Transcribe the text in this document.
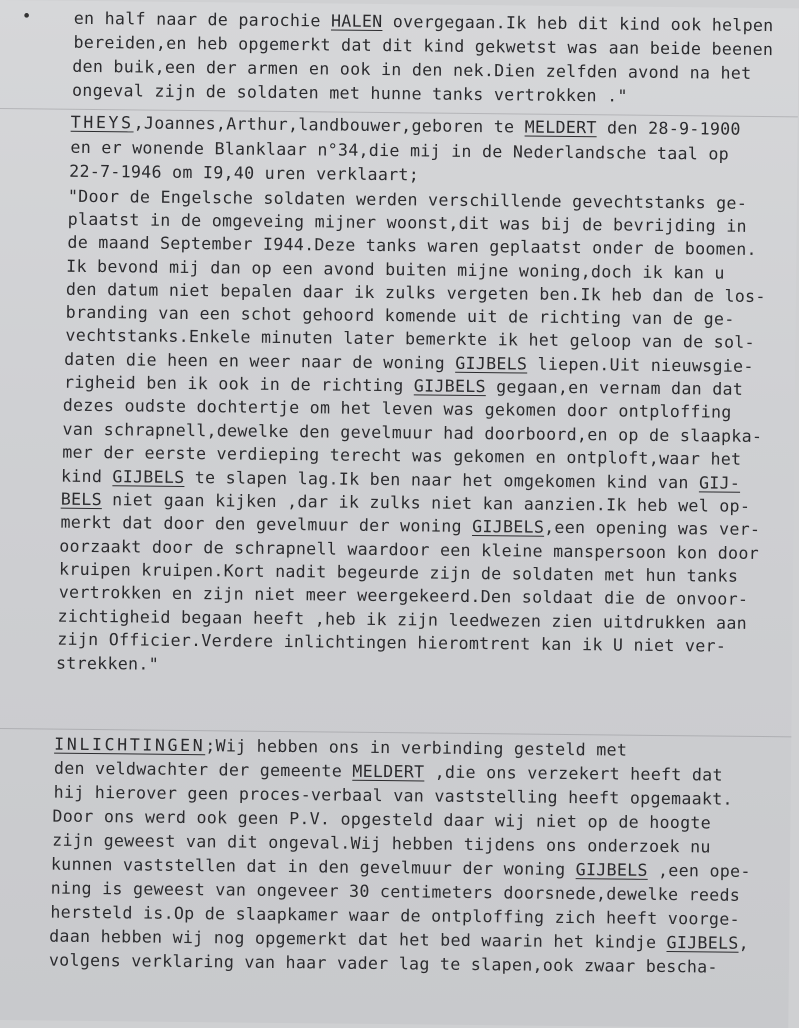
•	en half naar de parochie HALEN overgegaan.Ik heb dit kind ook helpen
bereiden,en heb opgemerkt dat dit kind gekwetst was aan beide beenen
den buik,een der armen en ook in den nek.Dien zelfden avond na het
ongeval zijn de soldaten met hunne tanks vertrokken ."
THEYS,Joannes,Arthur,landbouwer,geboren te MELDERT den 28-9-1900
en er wonende Blanklaar n°34,die mij in de Nederlandsche taal op
22-7-1946 om I9,40 uren verklaart;
"Door de Engelsche soldaten werden verschillende gevechtstanks ge-
plaatst in de omgeveing mijner woonst,dit was bij de bevrijding in
de maand September I944.Deze tanks waren geplaatst onder de boomen.
Ik bevond mij dan op een avond buiten mijne woning,doch ik kan u
den datum niet bepalen daar ik zulks vergeten ben.Ik heb dan de los-
branding van een schot gehoord komende uit de richting van de ge-
vechtstanks.Enkele minuten later bemerkte ik het geloop van de sol-
daten die heen en weer naar de woning GIJBELS liepen.Uit nieuwsgie-
righeid ben ik ook in de richting GIJBELS gegaan,en vernam dan dat
dezes oudste dochtertje om het leven was gekomen door ontploffing
van schrapnell,dewelke den gevelmuur had doorboord,en op de slaapka-
mer der eerste verdieping terecht was gekomen en ontploft,waar het
kind GIJBELS te slapen lag.Ik ben naar het omgekomen kind van GIJ-
BELS niet gaan kijken ,dar ik zulks niet kan aanzien.Ik heb wel op-
merkt dat door den gevelmuur der woning GIJBELS,een opening was ver-
oorzaakt door de schrapnell waardoor een kleine manspersoon kon door
kruipen kruipen.Kort nadit begeurde zijn de soldaten met hun tanks
vertrokken en zijn niet meer weergekeerd.Den soldaat die de onvoor-
zichtigheid begaan heeft ,heb ik zijn leedwezen zien uitdrukken aan
zijn Officier.Verdere inlichtingen hieromtrent kan ik U niet ver-
strekken."
INLICHTINGEN;Wij hebben ons in verbinding gesteld met
den veldwachter der gemeente MELDERT ,die ons verzekert heeft dat
hij hierover geen proces-verbaal van vaststelling heeft opgemaakt.
Door ons werd ook geen P.V. opgesteld daar wij niet op de hoogte
zijn geweest van dit ongeval.Wij hebben tijdens ons onderzoek nu
kunnen vaststellen dat in den gevelmuur der woning GIJBELS ,een ope-
ning is geweest van ongeveer 30 centimeters doorsnede,dewelke reeds
hersteld is.Op de slaapkamer waar de ontploffing zich heeft voorge-
daan hebben wij nog opgemerkt dat het bed waarin het kindje GIJBELS,
volgens verklaring van haar vader lag te slapen,ook zwaar bescha-
